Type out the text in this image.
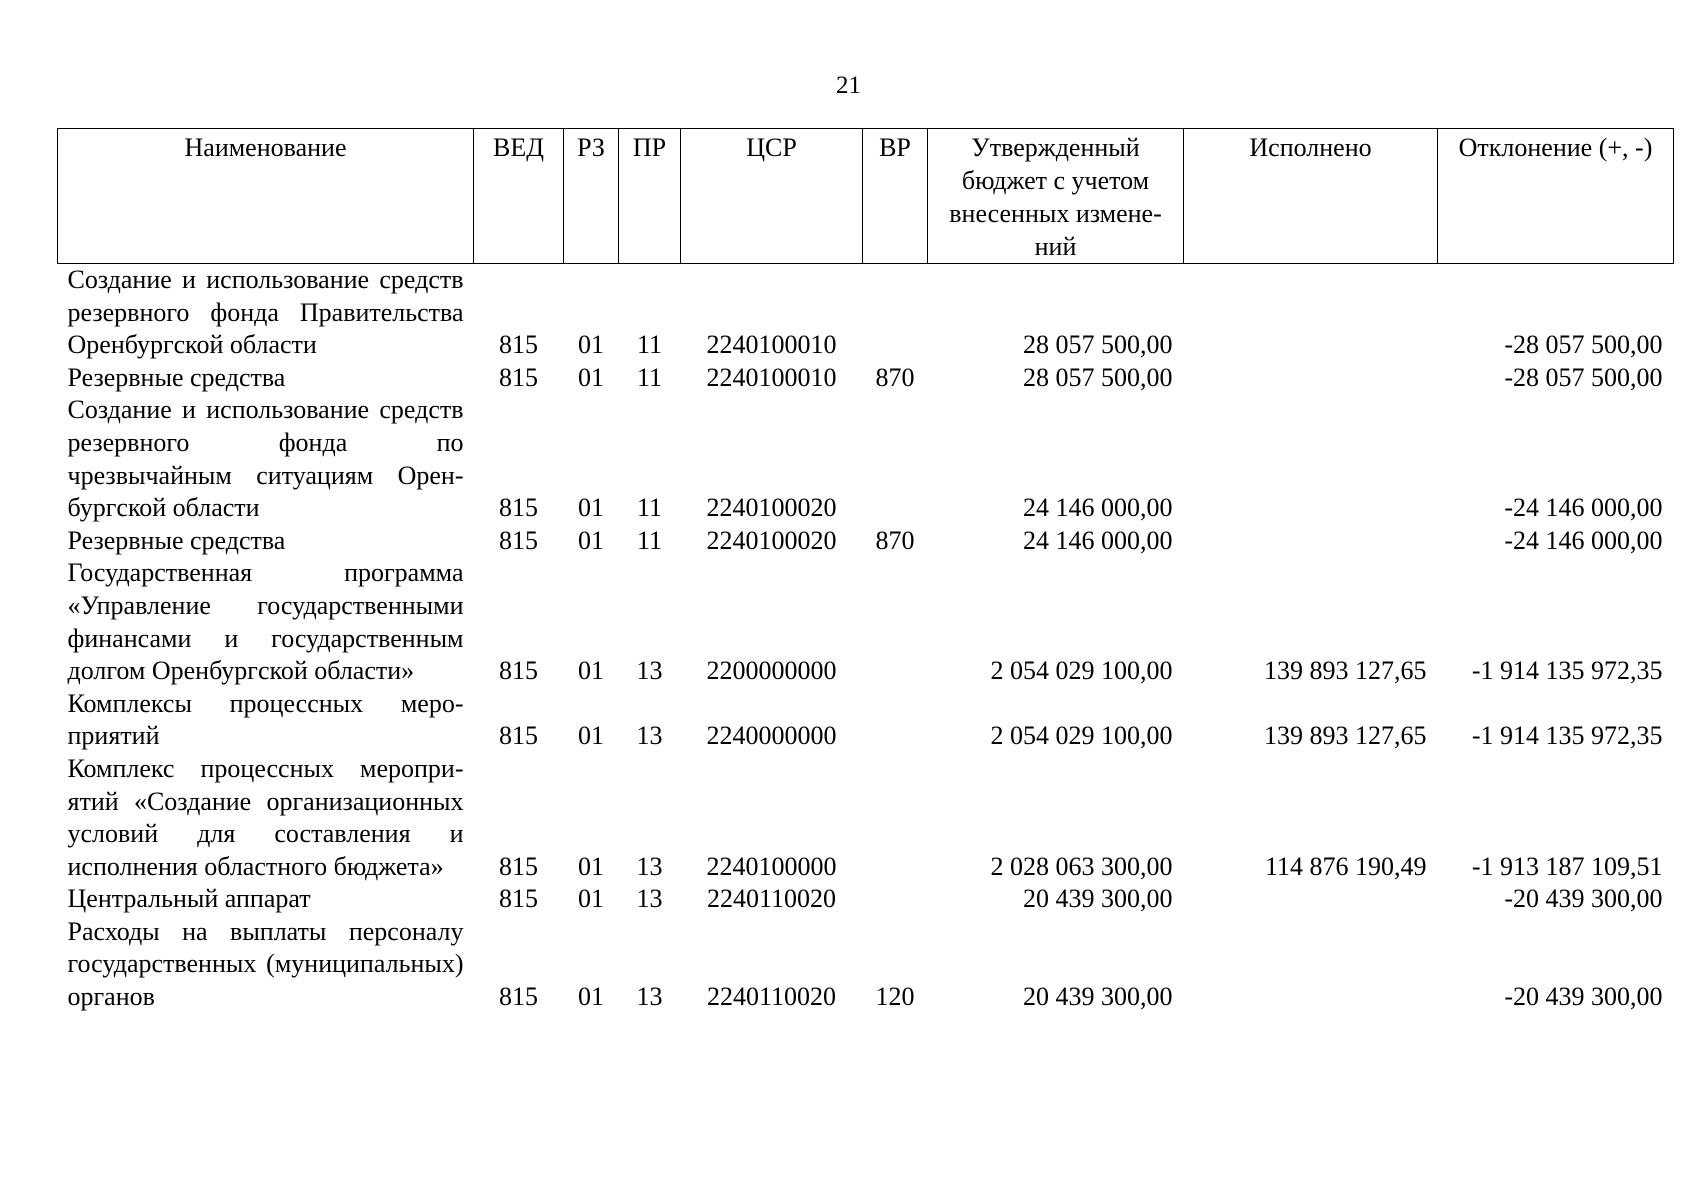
21
Наименование	ВЕД	РЗ	ПР	ЦСР	ВР	Утвержденный бюджет с учетом внесенных измене-ний	Исполнено	Отклонение (+, -)
Создание и использование средств резервного фонда Правительства Оренбургской области	815	01	11	2240100010		28 057 500,00		-28 057 500,00
Резервные средства	815	01	11	2240100010	870	28 057 500,00		-28 057 500,00
Создание и использование средств резервного фонда по чрезвычайным ситуациям Оренбургской области	815	01	11	2240100020		24 146 000,00		-24 146 000,00
Резервные средства	815	01	11	2240100020	870	24 146 000,00		-24 146 000,00
Государственная программа «Управление государственными финансами и государственным долгом Оренбургской области»	815	01	13	2200000000		2 054 029 100,00	139 893 127,65	-1 914 135 972,35
Комплексы процессных мероприятий	815	01	13	2240000000		2 054 029 100,00	139 893 127,65	-1 914 135 972,35
Комплекс процессных мероприятий «Создание организационных условий для составления и исполнения областного бюджета»	815	01	13	2240100000		2 028 063 300,00	114 876 190,49	-1 913 187 109,51
Центральный аппарат	815	01	13	2240110020		20 439 300,00		-20 439 300,00
Расходы на выплаты персоналу государственных (муниципальных) органов	815	01	13	2240110020	120	20 439 300,00		-20 439 300,00
